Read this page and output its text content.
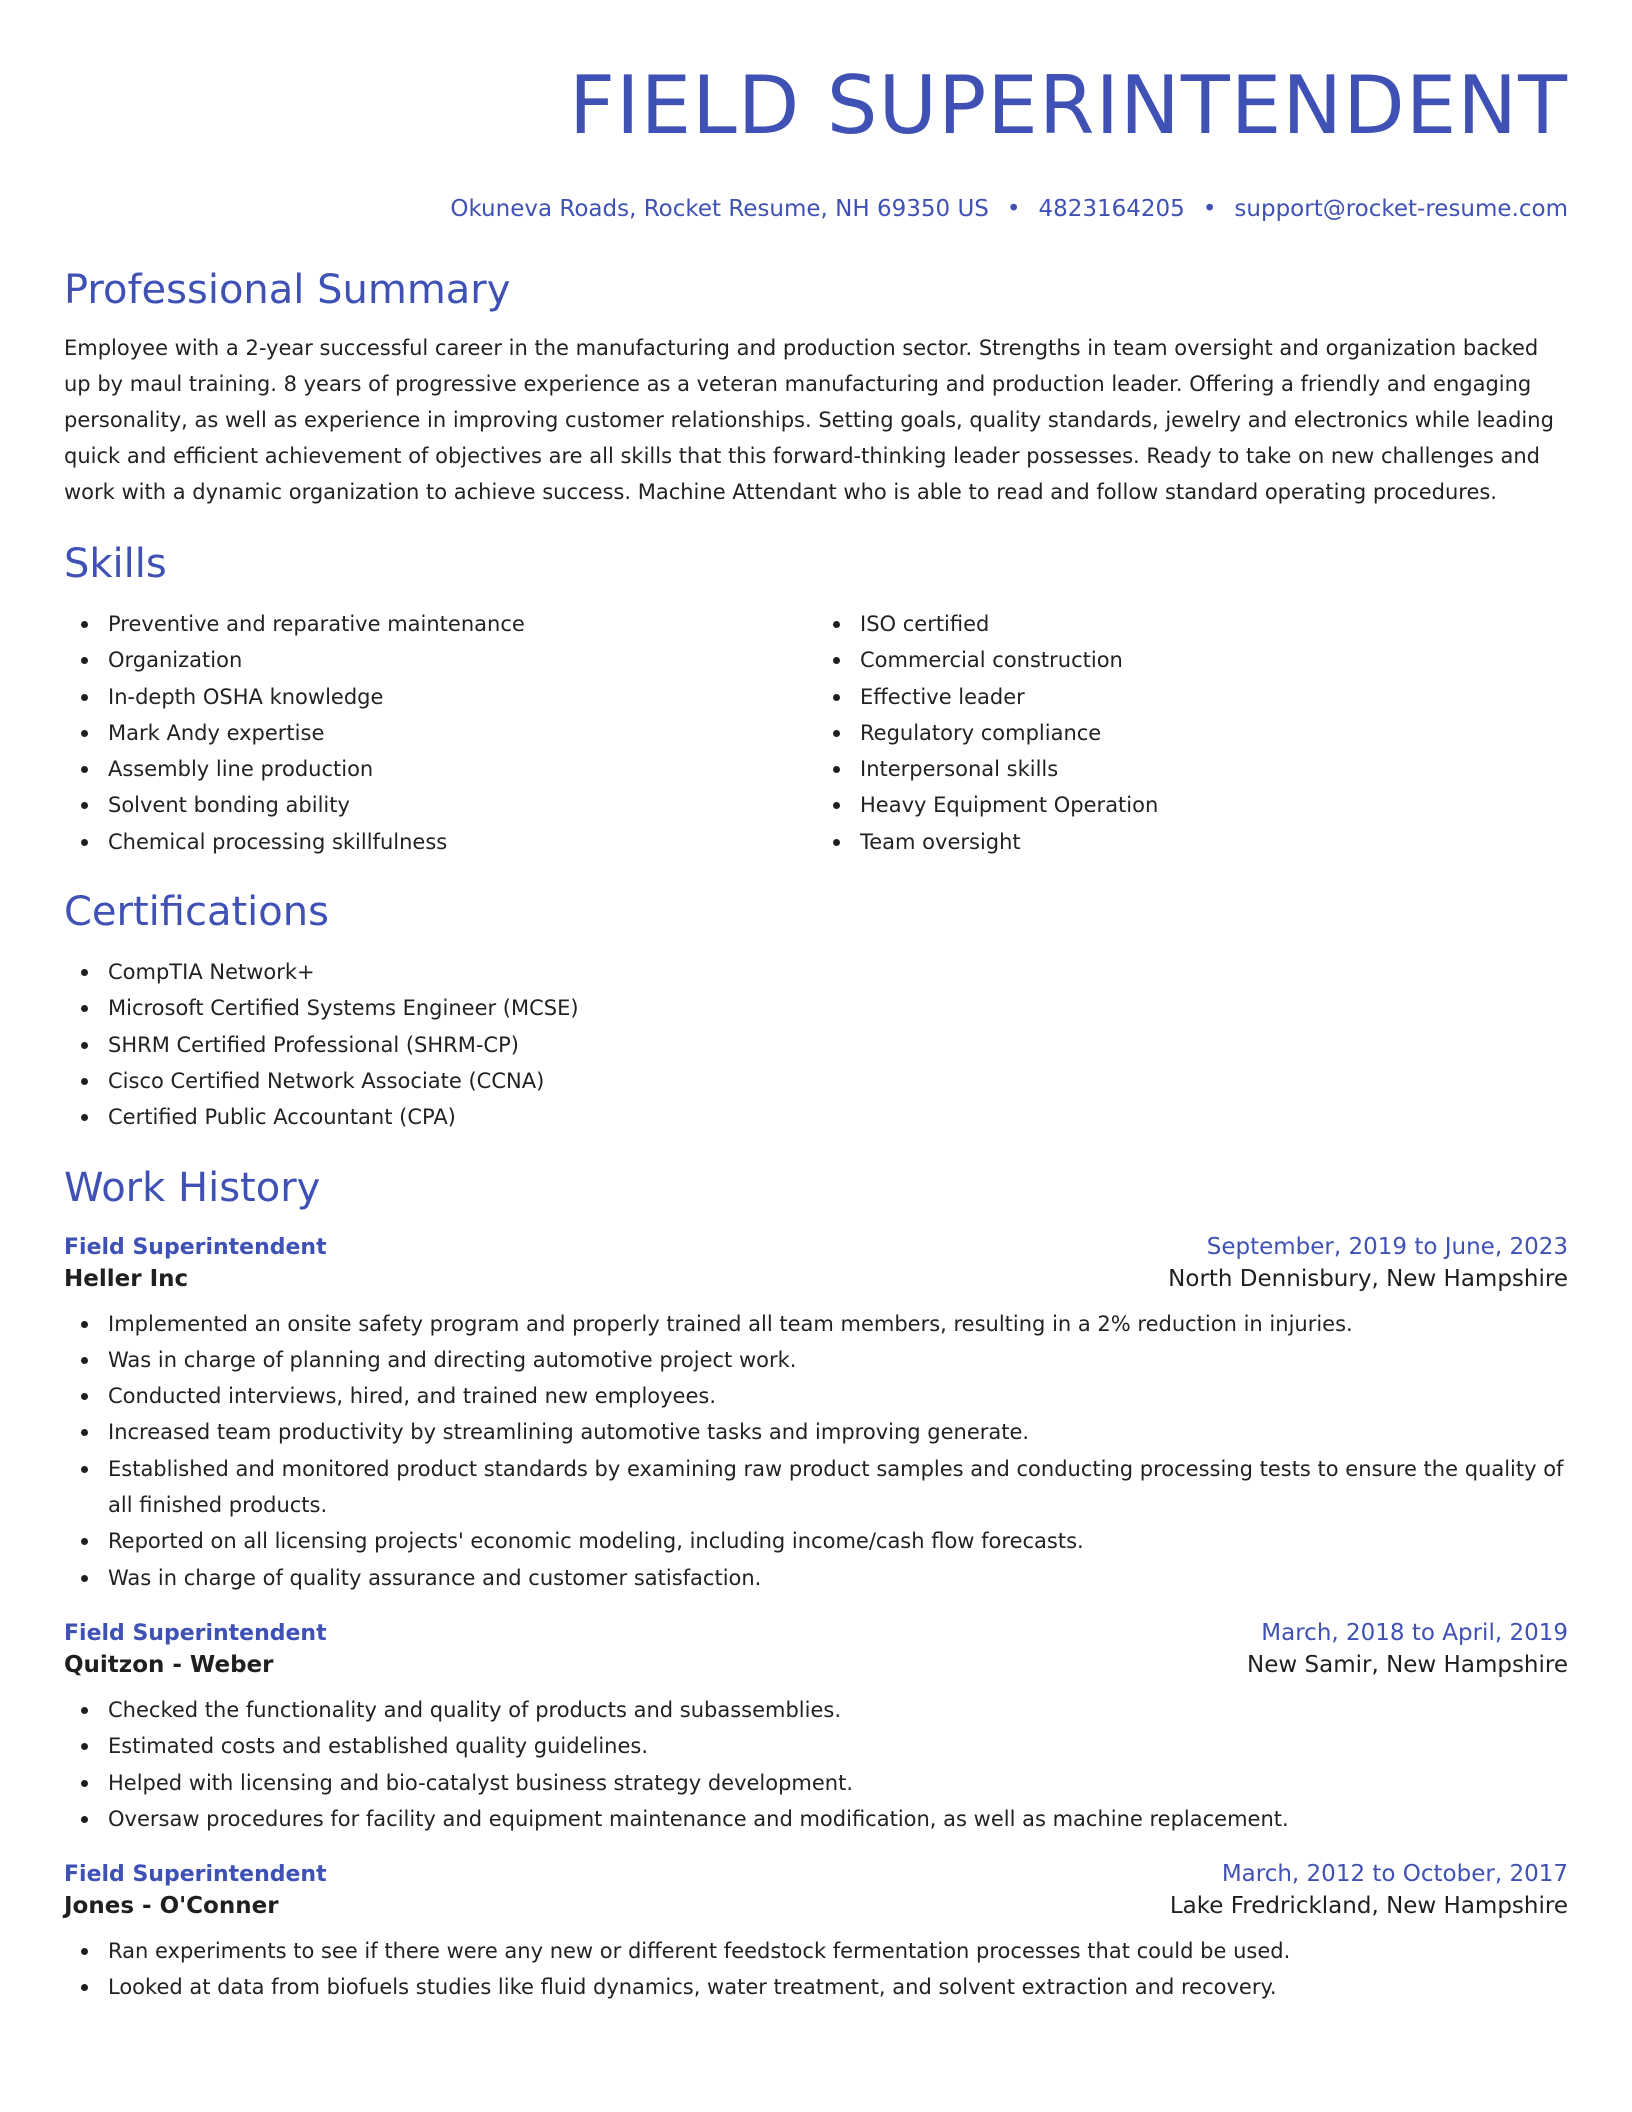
FIELD SUPERINTENDENT
Okuneva Roads, Rocket Resume, NH 69350 US • 4823164205 • support@rocket-resume.com
Professional Summary

Employee with a 2-year successful career in the manufacturing and production sector. Strengths in team oversight and organization backed up by maul training. 8 years of progressive experience as a veteran manufacturing and production leader. Offering a friendly and engaging personality, as well as experience in improving customer relationships. Setting goals, quality standards, jewelry and electronics while leading quick and efficient achievement of objectives are all skills that this forward-thinking leader possesses. Ready to take on new challenges and work with a dynamic organization to achieve success. Machine Attendant who is able to read and follow standard operating procedures.

Skills
Preventive and reparative maintenance
Organization
In-depth OSHA knowledge
Mark Andy expertise
Assembly line production
Solvent bonding ability
Chemical processing skillfulness
ISO certified
Commercial construction
Effective leader
Regulatory compliance
Interpersonal skills
Heavy Equipment Operation
Team oversight
Certifications
CompTIA Network+
Microsoft Certified Systems Engineer (MCSE)
SHRM Certified Professional (SHRM-CP)
Cisco Certified Network Associate (CCNA)
Certified Public Accountant (CPA)
Work History
Field Superintendent	September, 2019 to June, 2023
Heller Inc	North Dennisbury, New Hampshire
Implemented an onsite safety program and properly trained all team members, resulting in a 2% reduction in injuries.
Was in charge of planning and directing automotive project work.
Conducted interviews, hired, and trained new employees.
Increased team productivity by streamlining automotive tasks and improving generate.
Established and monitored product standards by examining raw product samples and conducting processing tests to ensure the quality of all finished products.
Reported on all licensing projects' economic modeling, including income/cash flow forecasts.
Was in charge of quality assurance and customer satisfaction.
Field Superintendent	March, 2018 to April, 2019
Quitzon - Weber	New Samir, New Hampshire
Checked the functionality and quality of products and subassemblies.
Estimated costs and established quality guidelines.
Helped with licensing and bio-catalyst business strategy development.
Oversaw procedures for facility and equipment maintenance and modification, as well as machine replacement.
Field Superintendent	March, 2012 to October, 2017
Jones - O'Conner	Lake Fredrickland, New Hampshire
Ran experiments to see if there were any new or different feedstock fermentation processes that could be used.
Looked at data from biofuels studies like fluid dynamics, water treatment, and solvent extraction and recovery.
